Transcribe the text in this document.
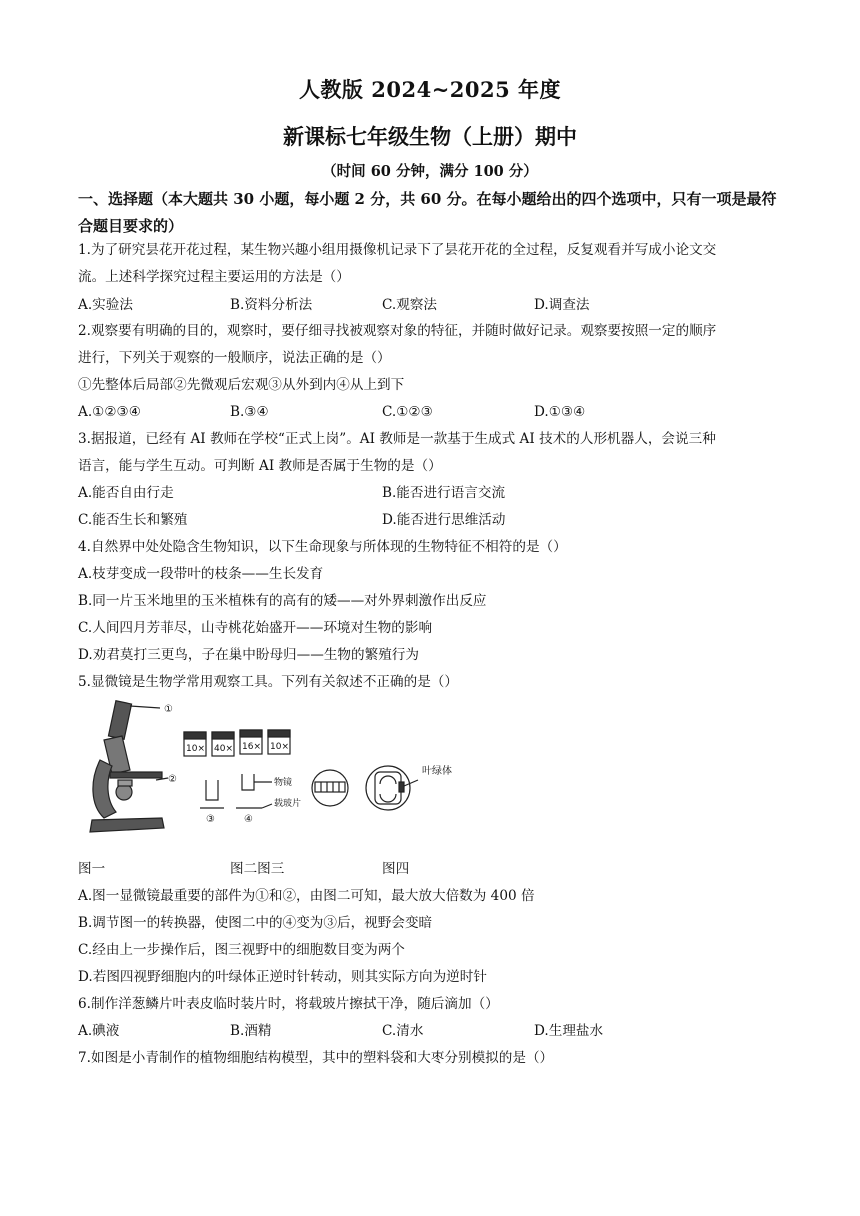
人教版 2024~2025 年度
新课标七年级生物（上册）期中
（时间 60 分钟，满分 100 分）
一、选择题（本大题共 30 小题，每小题 2 分，共 60 分。在每小题给出的四个选项中，只有一项是最符合题目要求的）
1.为了研究昙花开花过程，某生物兴趣小组用摄像机记录下了昙花开花的全过程，反复观看并写成小论文交
流。上述科学探究过程主要运用的方法是（）
A.实验法	B.资料分析法	C.观察法	D.调查法
2.观察要有明确的目的，观察时，要仔细寻找被观察对象的特征，并随时做好记录。观察要按照一定的顺序
进行，下列关于观察的一般顺序，说法正确的是（）
①先整体后局部②先微观后宏观③从外到内④从上到下
A.①②③④	B.③④	C.①②③	D.①③④
3.据报道，已经有 AI 教师在学校“正式上岗”。AI 教师是一款基于生成式 AI 技术的人形机器人，会说三种
语言，能与学生互动。可判断 AI 教师是否属于生物的是（）
A.能否自由行走	B.能否进行语言交流
C.能否生长和繁殖	D.能否进行思维活动
4.自然界中处处隐含生物知识，以下生命现象与所体现的生物特征不相符的是（）
A.枝芽变成一段带叶的枝条——生长发育
B.同一片玉米地里的玉米植株有的高有的矮——对外界刺激作出反应
C.人间四月芳菲尽，山寺桃花始盛开——环境对生物的影响
D.劝君莫打三更鸟，子在巢中盼母归——生物的繁殖行为
5.显微镜是生物学常用观察工具。下列有关叙述不正确的是（）
①
②
10× 40× 16× 10×
物镜
载玻片
③	④
叶绿体
图一	图二图三	图四
A.图一显微镜最重要的部件为①和②，由图二可知，最大放大倍数为 400 倍
B.调节图一的转换器，使图二中的④变为③后，视野会变暗
C.经由上一步操作后，图三视野中的细胞数目变为两个
D.若图四视野细胞内的叶绿体正逆时针转动，则其实际方向为逆时针
6.制作洋葱鳞片叶表皮临时装片时，将载玻片擦拭干净，随后滴加（）
A.碘液	B.酒精	C.清水	D.生理盐水
7.如图是小青制作的植物细胞结构模型，其中的塑料袋和大枣分别模拟的是（）
